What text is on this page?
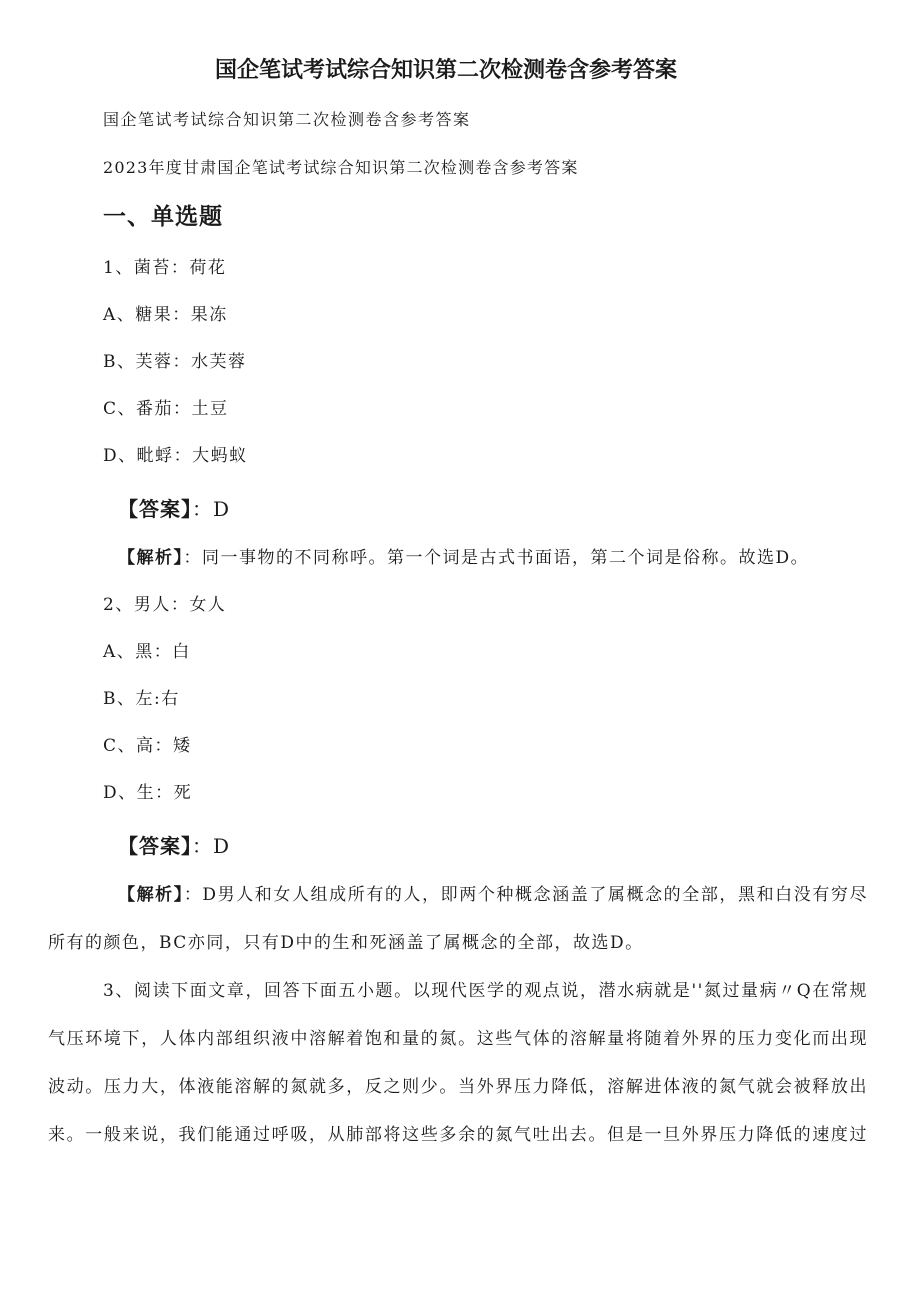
国企笔试考试综合知识第二次检测卷含参考答案
国企笔试考试综合知识第二次检测卷含参考答案
2023年度甘肃国企笔试考试综合知识第二次检测卷含参考答案
一、单选题
1、菌苔：荷花
A、糖果：果冻
B、芙蓉：水芙蓉
C、番茄：土豆
D、毗蜉：大蚂蚁
【答案】：D
【解析】：同一事物的不同称呼。第一个词是古式书面语，第二个词是俗称。故选D。
2、男人：女人
A、黑：白
B、左:右
C、高：矮
D、生：死
【答案】：D
【解析】：D男人和女人组成所有的人，即两个种概念涵盖了属概念的全部，黑和白没有穷尽
所有的颜色，BC亦同，只有D中的生和死涵盖了属概念的全部，故选D。
3、阅读下面文章，回答下面五小题。以现代医学的观点说，潜水病就是''氮过量病〃Q在常规
气压环境下，人体内部组织液中溶解着饱和量的氮。这些气体的溶解量将随着外界的压力变化而出现
波动。压力大，体液能溶解的氮就多，反之则少。当外界压力降低，溶解进体液的氮气就会被释放出
来。一般来说，我们能通过呼吸，从肺部将这些多余的氮气吐出去。但是一旦外界压力降低的速度过
